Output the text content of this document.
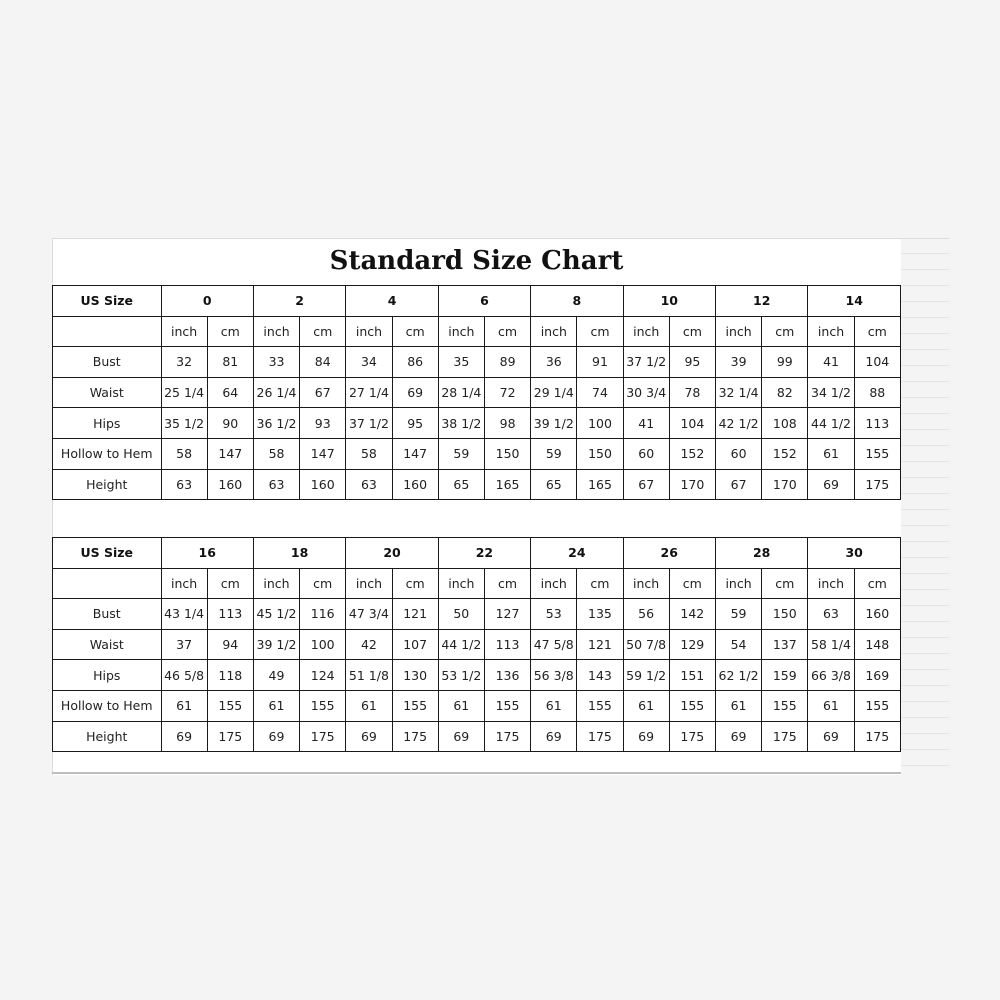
Standard Size Chart
US Size	0		2		4		6		8		10		12		14	
	inch	cm	inch	cm	inch	cm	inch	cm	inch	cm	inch	cm	inch	cm	inch	cm
Bust	32	81	33	84	34	86	35	89	36	91	37 1/2	95	39	99	41	104
Waist	25 1/4	64	26 1/4	67	27 1/4	69	28 1/4	72	29 1/4	74	30 3/4	78	32 1/4	82	34 1/2	88
Hips	35 1/2	90	36 1/2	93	37 1/2	95	38 1/2	98	39 1/2	100	41	104	42 1/2	108	44 1/2	113
Hollow to Hem	58	147	58	147	58	147	59	150	59	150	60	152	60	152	61	155
Height	63	160	63	160	63	160	65	165	65	165	67	170	67	170	69	175
US Size	16		18		20		22		24		26		28		30	
	inch	cm	inch	cm	inch	cm	inch	cm	inch	cm	inch	cm	inch	cm	inch	cm
Bust	43 1/4	113	45 1/2	116	47 3/4	121	50	127	53	135	56	142	59	150	63	160
Waist	37	94	39 1/2	100	42	107	44 1/2	113	47 5/8	121	50 7/8	129	54	137	58 1/4	148
Hips	46 5/8	118	49	124	51 1/8	130	53 1/2	136	56 3/8	143	59 1/2	151	62 1/2	159	66 3/8	169
Hollow to Hem	61	155	61	155	61	155	61	155	61	155	61	155	61	155	61	155
Height	69	175	69	175	69	175	69	175	69	175	69	175	69	175	69	175
